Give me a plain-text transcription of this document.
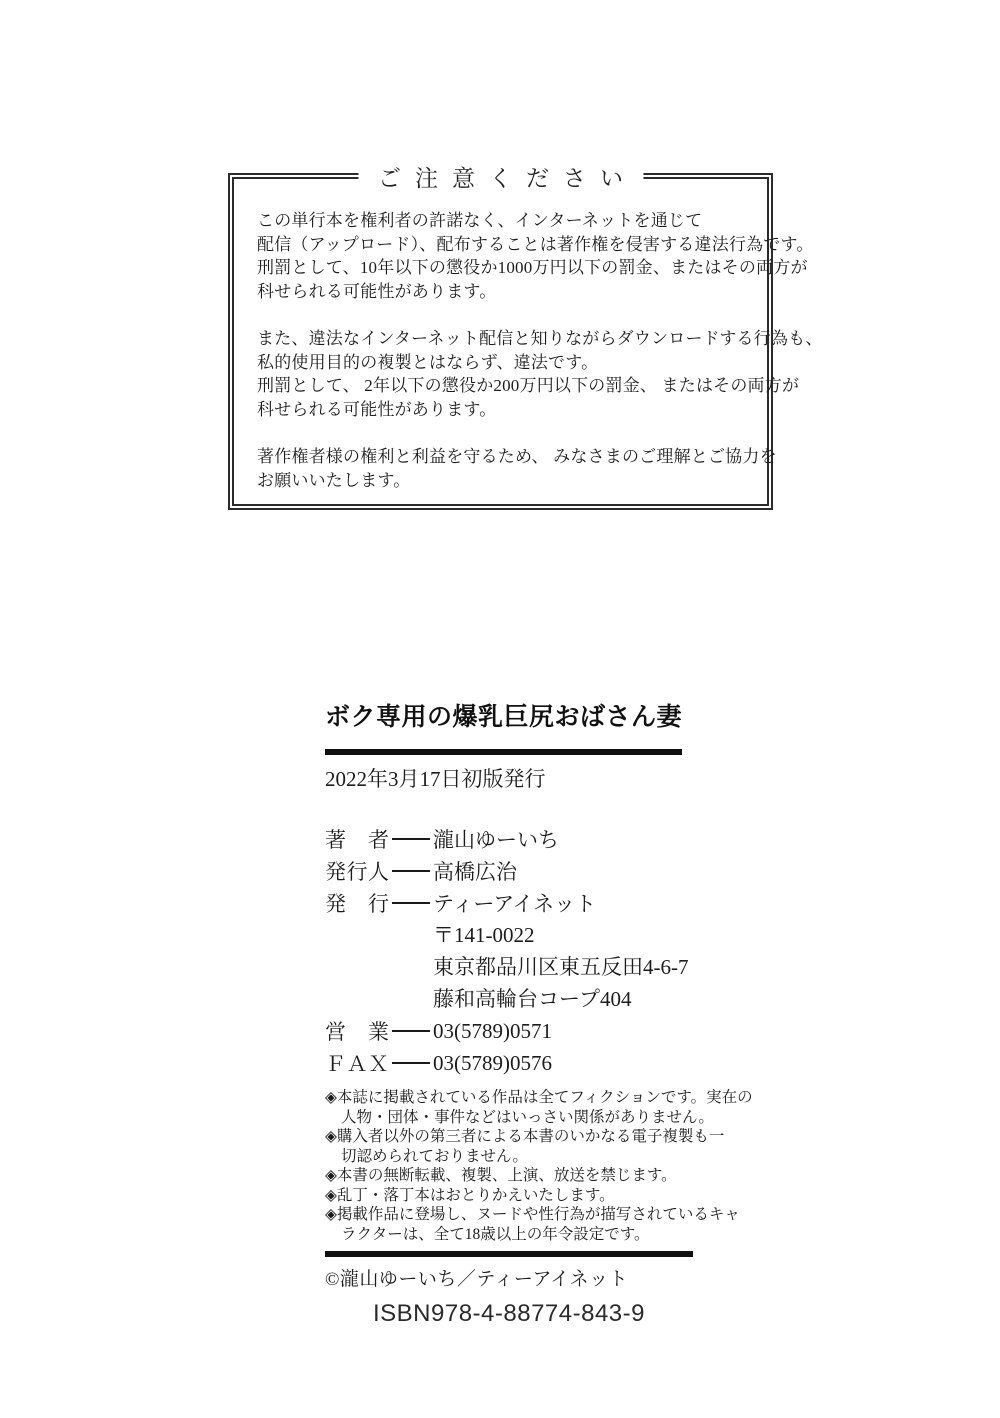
ご注意ください
この単行本を権利者の許諾なく、インターネットを通じて
配信（アップロード）、配布することは著作権を侵害する違法行為です。
刑罰として、10年以下の懲役か1000万円以下の罰金、またはその両方が
科せられる可能性があります。
また、違法なインターネット配信と知りながらダウンロードする行為も、
私的使用目的の複製とはならず、違法です。
刑罰として、 2年以下の懲役か200万円以下の罰金、 またはその両方が
科せられる可能性があります。
著作権者様の権利と利益を守るため、 みなさまのご理解とご協力を
お願いいたします。
ボク専用の爆乳巨尻おばさん妻
2022年3月17日初版発行
著　者 瀧山ゆーいち
発行人 高橋広治
発　行 ティーアイネット
〒141-0022
東京都品川区東五反田4-6-7
藤和高輪台コープ404
営　業 03(5789)0571
ＦＡＸ 03(5789)0576
◈本誌に掲載されている作品は全てフィクションです。実在の
人物・団体・事件などはいっさい関係がありません。
◈購入者以外の第三者による本書のいかなる電子複製も一
切認められておりません。
◈本書の無断転載、複製、上演、放送を禁じます。
◈乱丁・落丁本はおとりかえいたします。
◈掲載作品に登場し、ヌードや性行為が描写されているキャ
ラクターは、全て18歳以上の年令設定です。
©瀧山ゆーいち／ティーアイネット
ISBN978-4-88774-843-9
